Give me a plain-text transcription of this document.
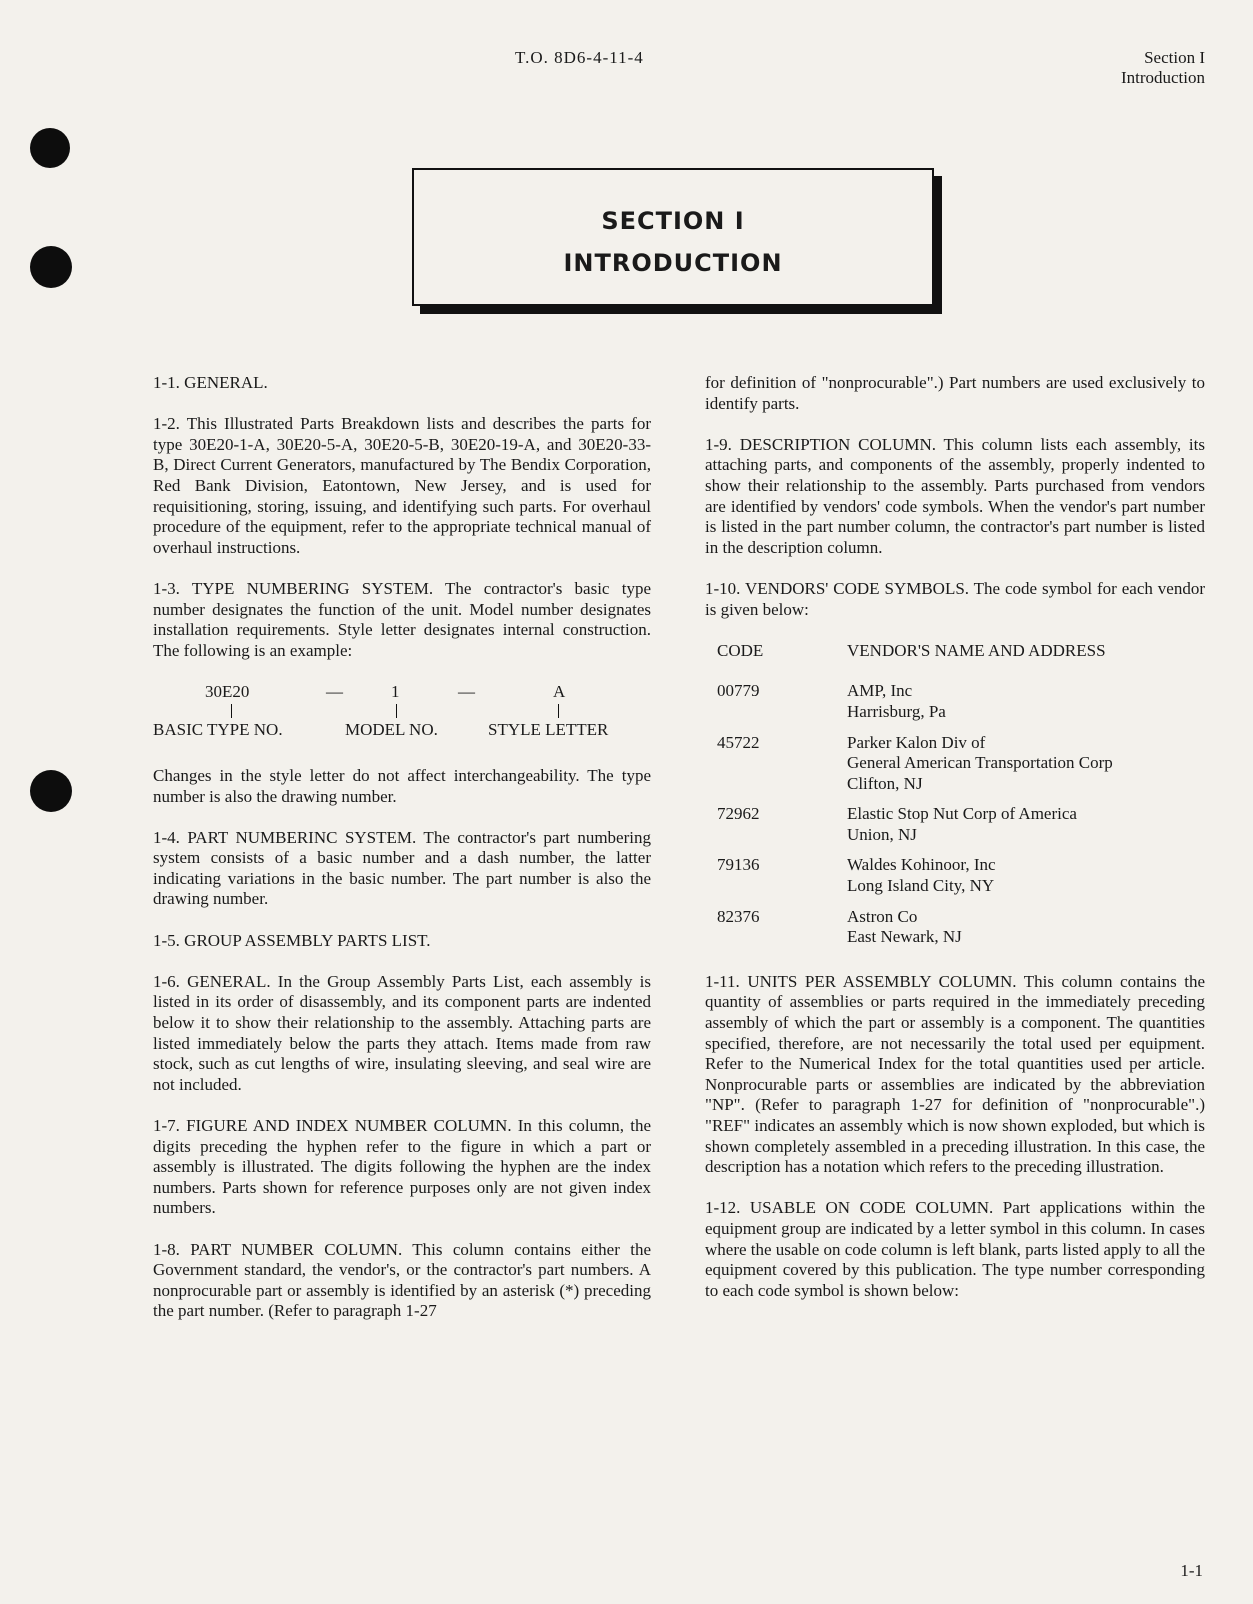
T.O. 8D6-4-11-4	Section I
Introduction
SECTION I
INTRODUCTION

1-1. GENERAL.

1-2. This Illustrated Parts Breakdown lists and describes the parts for type 30E20-1-A, 30E20-5-A, 30E20-5-B, 30E20-19-A, and 30E20-33-B, Direct Current Generators, manufactured by The Bendix Corporation, Red Bank Division, Eatontown, New Jersey, and is used for requisitioning, storing, issuing, and identifying such parts. For overhaul procedure of the equipment, refer to the appropriate technical manual of overhaul instructions.

1-3. TYPE NUMBERING SYSTEM. The contractor's basic type number designates the function of the unit. Model number designates installation requirements. Style letter designates internal construction. The following is an example:

30E20	—	1	—	A
BASIC TYPE NO.	MODEL NO.	STYLE LETTER

Changes in the style letter do not affect interchangeability. The type number is also the drawing number.

1-4. PART NUMBERINC SYSTEM. The contractor's part numbering system consists of a basic number and a dash number, the latter indicating variations in the basic number. The part number is also the drawing number.

1-5. GROUP ASSEMBLY PARTS LIST.

1-6. GENERAL. In the Group Assembly Parts List, each assembly is listed in its order of disassembly, and its component parts are indented below it to show their relationship to the assembly. Attaching parts are listed immediately below the parts they attach. Items made from raw stock, such as cut lengths of wire, insulating sleeving, and seal wire are not included.

1-7. FIGURE AND INDEX NUMBER COLUMN. In this column, the digits preceding the hyphen refer to the figure in which a part or assembly is illustrated. The digits following the hyphen are the index numbers. Parts shown for reference purposes only are not given index numbers.

1-8. PART NUMBER COLUMN. This column contains either the Government standard, the vendor's, or the contractor's part numbers. A nonprocurable part or assembly is identified by an asterisk (*) preceding the part number. (Refer to paragraph 1-27

for definition of "nonprocurable".) Part numbers are used exclusively to identify parts.

1-9. DESCRIPTION COLUMN. This column lists each assembly, its attaching parts, and components of the assembly, properly indented to show their relationship to the assembly. Parts purchased from vendors are identified by vendors' code symbols. When the vendor's part number is listed in the part number column, the contractor's part number is listed in the description column.

1-10. VENDORS' CODE SYMBOLS. The code symbol for each vendor is given below:

CODE	VENDOR'S NAME AND ADDRESS
00779	AMP, Inc
Harrisburg, Pa

45722	Parker Kalon Div of
General American Transportation Corp
Clifton, NJ

72962	Elastic Stop Nut Corp of America
Union, NJ

79136	Waldes Kohinoor, Inc
Long Island City, NY

82376	Astron Co
East Newark, NJ

1-11. UNITS PER ASSEMBLY COLUMN. This column contains the quantity of assemblies or parts required in the immediately preceding assembly of which the part or assembly is a component. The quantities specified, therefore, are not necessarily the total used per equipment. Refer to the Numerical Index for the total quantities used per article. Nonprocurable parts or assemblies are indicated by the abbreviation "NP". (Refer to paragraph 1-27 for definition of "nonprocurable".) "REF" indicates an assembly which is now shown exploded, but which is shown completely assembled in a preceding illustration. In this case, the description has a notation which refers to the preceding illustration.

1-12. USABLE ON CODE COLUMN. Part applications within the equipment group are indicated by a letter symbol in this column. In cases where the usable on code column is left blank, parts listed apply to all the equipment covered by this publication. The type number corresponding to each code symbol is shown below:

1-1
